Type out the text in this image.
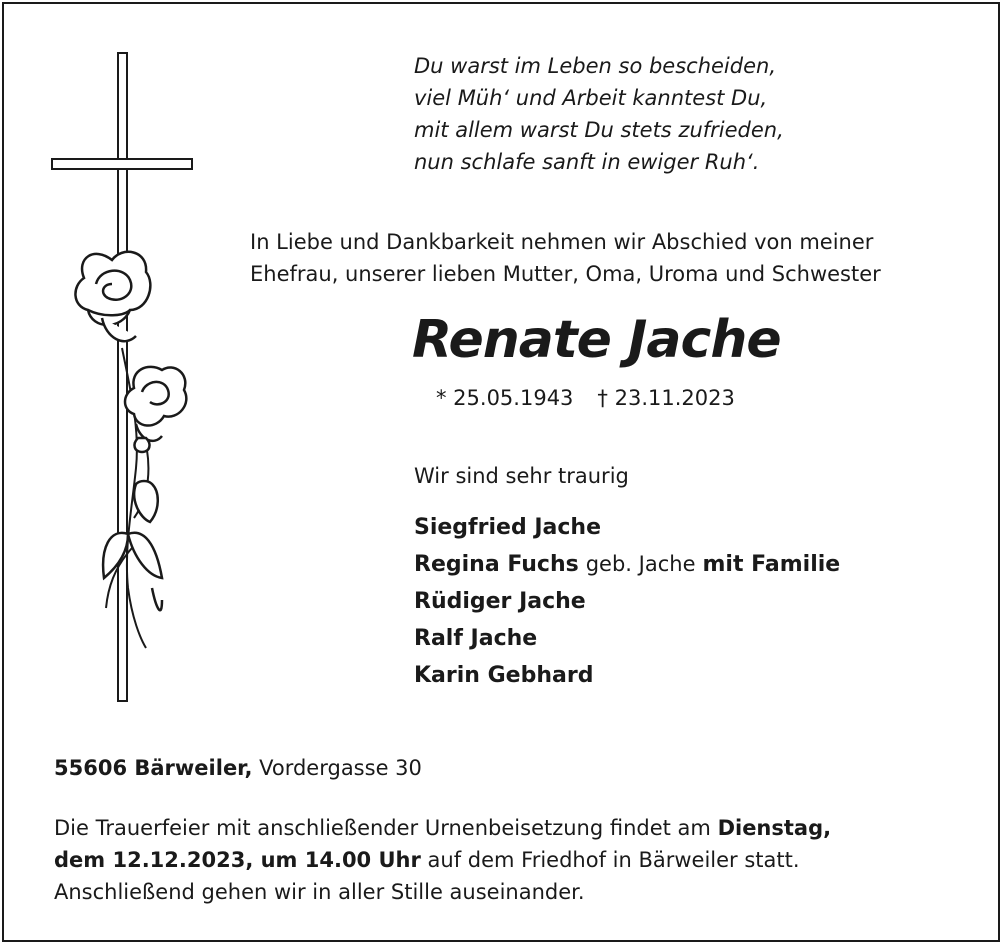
Du warst im Leben so bescheiden,
viel Müh‘ und Arbeit kanntest Du,
mit allem warst Du stets zufrieden,
nun schlafe sanft in ewiger Ruh‘.
In Liebe und Dankbarkeit nehmen wir Abschied von meiner
Ehefrau, unserer lieben Mutter, Oma, Uroma und Schwester
Renate Jache
* 25.05.1943 † 23.11.2023
Wir sind sehr traurig
Siegfried Jache
Regina Fuchs geb. Jache mit Familie
Rüdiger Jache
Ralf Jache
Karin Gebhard
55606 Bärweiler, Vordergasse 30
Die Trauerfeier mit anschließender Urnenbeisetzung findet am Dienstag,
dem 12.12.2023, um 14.00 Uhr auf dem Friedhof in Bärweiler statt.
Anschließend gehen wir in aller Stille auseinander.
